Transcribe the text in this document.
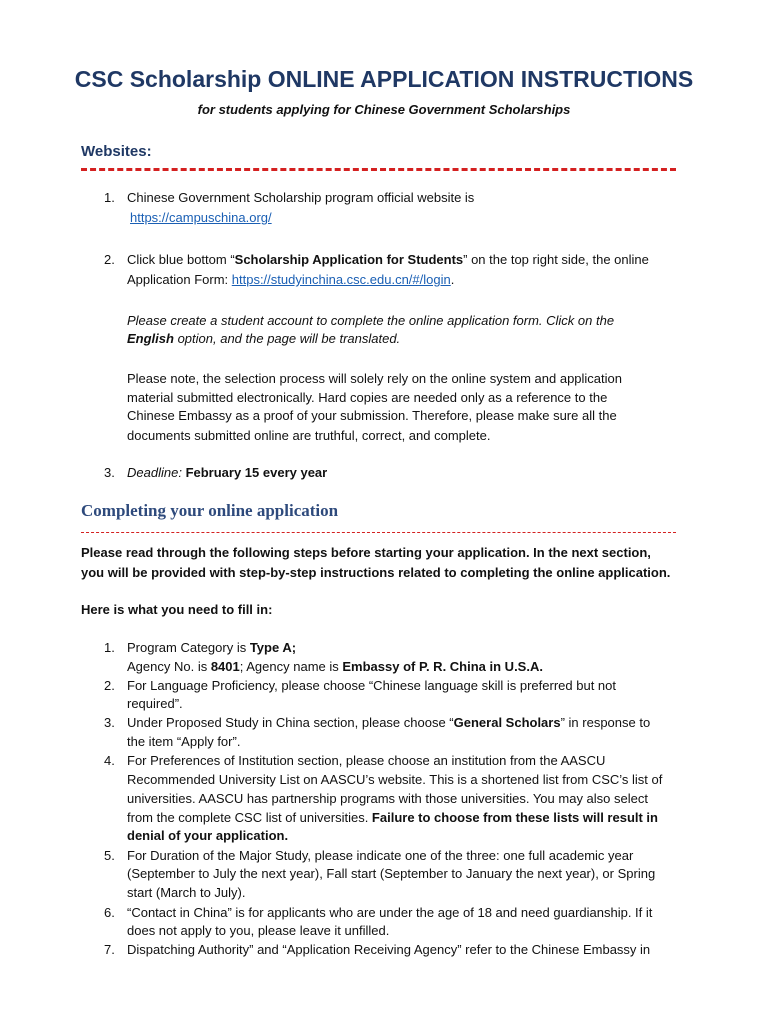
CSC Scholarship ONLINE APPLICATION INSTRUCTIONS
for students applying for Chinese Government Scholarships
Websites:
1. Chinese Government Scholarship program official website is
https://campuschina.org/
2. Click blue bottom “Scholarship Application for Students” on the top right side, the online
Application Form: https://studyinchina.csc.edu.cn/#/login.
Please create a student account to complete the online application form. Click on the
English option, and the page will be translated.
Please note, the selection process will solely rely on the online system and application
material submitted electronically. Hard copies are needed only as a reference to the
Chinese Embassy as a proof of your submission. Therefore, please make sure all the
documents submitted online are truthful, correct, and complete.
3. Deadline: February 15 every year
Completing your online application
Please read through the following steps before starting your application. In the next section,
you will be provided with step-by-step instructions related to completing the online application.
Here is what you need to fill in:
1. Program Category is Type A;
Agency No. is 8401; Agency name is Embassy of P. R. China in U.S.A.
2. For Language Proficiency, please choose “Chinese language skill is preferred but not
required”.
3. Under Proposed Study in China section, please choose “General Scholars” in response to
the item “Apply for”.
4. For Preferences of Institution section, please choose an institution from the AASCU
Recommended University List on AASCU’s website. This is a shortened list from CSC’s list of
universities. AASCU has partnership programs with those universities. You may also select
from the complete CSC list of universities. Failure to choose from these lists will result in
denial of your application.
5. For Duration of the Major Study, please indicate one of the three: one full academic year
(September to July the next year), Fall start (September to January the next year), or Spring
start (March to July).
6. “Contact in China” is for applicants who are under the age of 18 and need guardianship. If it
does not apply to you, please leave it unfilled.
7. Dispatching Authority” and “Application Receiving Agency” refer to the Chinese Embassy in
